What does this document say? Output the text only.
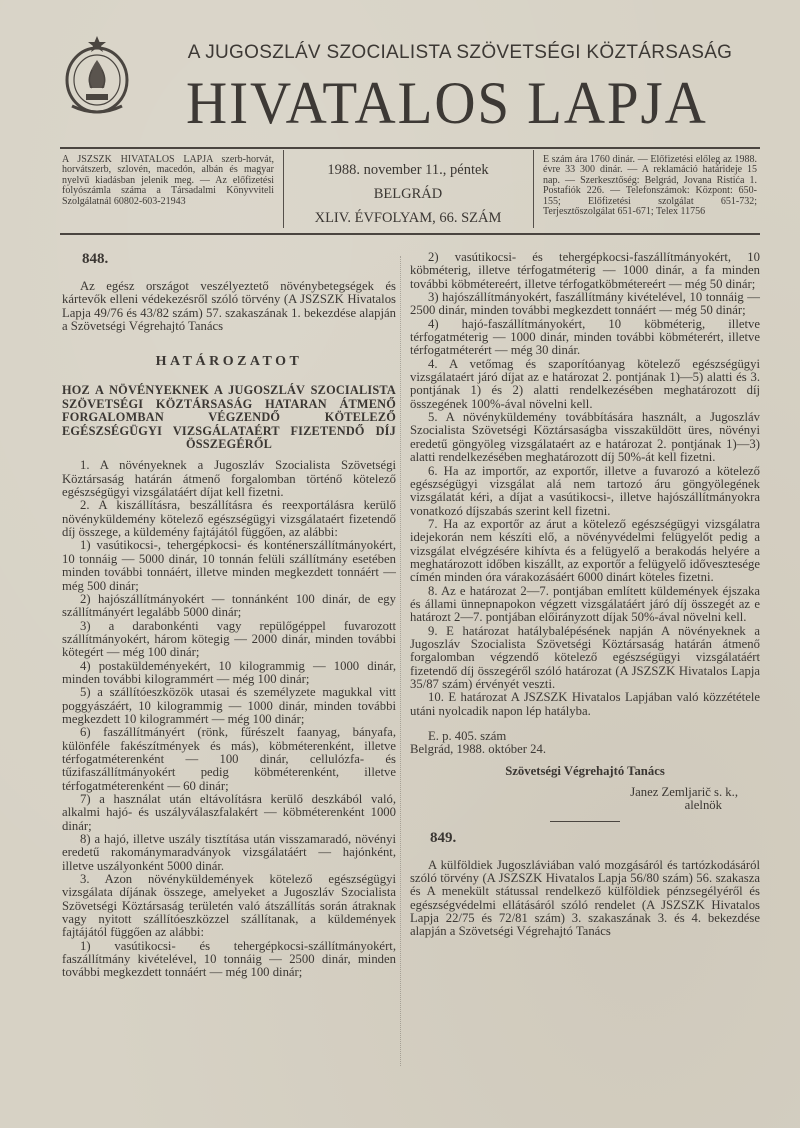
A JUGOSZLÁV SZOCIALISTA SZÖVETSÉGI KÖZTÁRSASÁG
HIVATALOS LAPJA
A JSZSZK HIVATALOS LAPJA szerb-horvát, horvátszerb, szlovén, macedón, albán és magyar nyelvű kiadásban jelenik meg. — Az előfizetési folyószámla száma a Társadalmi Könyvviteli Szolgálatnál 60802-603-21943
1988. november 11., péntek
BELGRÁD
XLIV. ÉVFOLYAM, 66. SZÁM
E szám ára 1760 dinár. — Előfizetési előleg az 1988. évre 33 300 dinár. — A reklamáció határideje 15 nap. — Szerkesztőség: Belgrád, Jovana Ristića 1. Postafiók 226. — Telefonszámok: Központ: 650-155; Előfizetési szolgálat 651-732; Terjesztőszolgálat 651-671; Telex 11756

848.

Az egész országot veszélyeztető növénybetegségek és kártevők elleni védekezésről szóló törvény (A JSZSZK Hivatalos Lapja 49/76 és 43/82 szám) 57. szakaszának 1. bekezdése alapján a Szövetségi Végrehajtó Tanács

HATÁROZATOT

HOZ A NÖVÉNYEKNEK A JUGOSZLÁV SZOCIALISTA SZÖVETSÉGI KÖZTÁRSASÁG HATARAN ÁTMENŐ FORGALOMBAN VÉGZENDŐ KÖTELEZŐ EGÉSZSÉGÜGYI VIZSGÁLATAÉRT FIZETENDŐ DÍJ ÖSSZEGÉRŐL

1. A növényeknek a Jugoszláv Szocialista Szövetségi Köztársaság határán átmenő forgalomban történő kötelező egészségügyi vizsgálatáért díjat kell fizetni.

2. A kiszállításra, beszállításra és reexportálásra kerülő növényküldemény kötelező egészségügyi vizsgálataért fizetendő díj összege, a küldemény fajtájától függően, az alábbi:

1) vasútikocsi-, tehergépkocsi- és konténerszállítmányokért, 10 tonnáig — 5000 dinár, 10 tonnán felüli szállítmány esetében minden további tonnáért, illetve minden megkezdett tonnáért — még 500 dinár;

2) hajószállítmányokért — tonnánként 100 dinár, de egy szállítmányért legalább 5000 dinár;

3) a darabonkénti vagy repülőgéppel fuvarozott szállítmányokért, három kötegig — 2000 dinár, minden további kötegért — még 100 dinár;

4) postaküldeményekért, 10 kilogrammig — 1000 dinár, minden további kilogrammért — még 100 dinár;

5) a szállítóeszközök utasai és személyzete magukkal vitt poggyászáért, 10 kilogrammig — 1000 dinár, minden további megkezdett 10 kilogrammért — még 100 dinár;

6) faszállítmányért (rönk, fűrészelt faanyag, bányafa, különféle fakészítmények és más), köbméterenként, illetve térfogatméterenként — 100 dinár, cellulózfa- és tűzifaszállítmányokért pedig köbméterenként, illetve térfogatméterenként — 60 dinár;

7) a használat után eltávolításra kerülő deszkából való, alkalmi hajó- és uszályválaszfalakért — köbméterenként 1000 dinár;

8) a hajó, illetve uszály tisztítása után visszamaradó, növényi eredetű rakománymaradványok vizsgálatáért — hajónként, illetve uszályonként 5000 dinár.

3. Azon növényküldemények kötelező egészségügyi vizsgálata díjának összege, amelyeket a Jugoszláv Szocialista Szövetségi Köztársaság területén való átszállítás során átraknak vagy nyitott szállítóeszközzel szállítanak, a küldemények fajtájától függően az alábbi:

1) vasútikocsi- és tehergépkocsi-szállítmányokért, faszállítmány kivételével, 10 tonnáig — 2500 dinár, minden további megkezdett tonnáért — még 100 dinár;

2) vasútikocsi- és tehergépkocsi-faszállítmányokért, 10 köbméterig, illetve térfogatméterig — 1000 dinár, a fa minden további köbmétereért, illetve térfogatköbmétereért — még 50 dinár;

3) hajószállítmányokért, faszállítmány kivételével, 10 tonnáig — 2500 dinár, minden további megkezdett tonnáért — még 50 dinár;

4) hajó-faszállítmányokért, 10 köbméterig, illetve térfogatméterig — 1000 dinár, minden további köbméterért, illetve térfogatméterért — még 30 dinár.

4. A vetőmag és szaporítóanyag kötelező egészségügyi vizsgálataért járó díjat az e határozat 2. pontjának 1)—5) alatti és 3. pontjának 1) és 2) alatti rendelkezésében meghatározott díj összegének 100%-ával növelni kell.

5. A növényküldemény továbbítására használt, a Jugoszláv Szocialista Szövetségi Köztársaságba visszaküldött üres, növényi eredetű göngyöleg vizsgálataért az e határozat 2. pontjának 1)—3) alatti rendelkezésében meghatározott díj 50%-át kell fizetni.

6. Ha az importőr, az exportőr, illetve a fuvarozó a kötelező egészségügyi vizsgálat alá nem tartozó áru göngyölegének vizsgálatát kéri, a díjat a vasútikocsi-, illetve hajószállítmányokra vonatkozó díjszabás szerint kell fizetni.

7. Ha az exportőr az árut a kötelező egészségügyi vizsgálatra idejekorán nem készíti elő, a növényvédelmi felügyelőt pedig a vizsgálat elvégzésére kihívta és a felügyelő a berakodás helyére a meghatározott időben kiszállt, az exportőr a felügyelő idővesztesége címén minden óra várakozásáért 6000 dinárt köteles fizetni.

8. Az e határozat 2—7. pontjában említett küldemények éjszaka és állami ünnepnapokon végzett vizsgálatáért járó díj összegét az e határozt 2—7. pontjában előirányzott díjak 50%-ával növelni kell.

9. E határozat hatálybalépésének napján A növényeknek a Jugoszláv Szocialista Szövetségi Köztársaság határán átmenő forgalomban végzendő kötelező egészségügyi vizsgálatáért fizetendő díj összegéről szóló határozat (A JSZSZK Hivatalos Lapja 35/87 szám) érvényét veszti.

10. E határozat A JSZSZK Hivatalos Lapjában való közzététele utáni nyolcadik napon lép hatályba.

E. p. 405. szám

Belgrád, 1988. október 24.

Szövetségi Végrehajtó Tanács

Janez Zemljarič s. k.,

alelnök

849.

A külföldiek Jugoszláviában való mozgásáról és tartózkodásáról szóló törvény (A JSZSZK Hivatalos Lapja 56/80 szám) 56. szakasza és A menekült státussal rendelkező külföldiek pénzsegélyéről és egészségvédelmi ellátásáról szóló rendelet (A JSZSZK Hivatalos Lapja 22/75 és 72/81 szám) 3. szakaszának 3. és 4. bekezdése alapján a Szövetségi Végrehajtó Tanács
